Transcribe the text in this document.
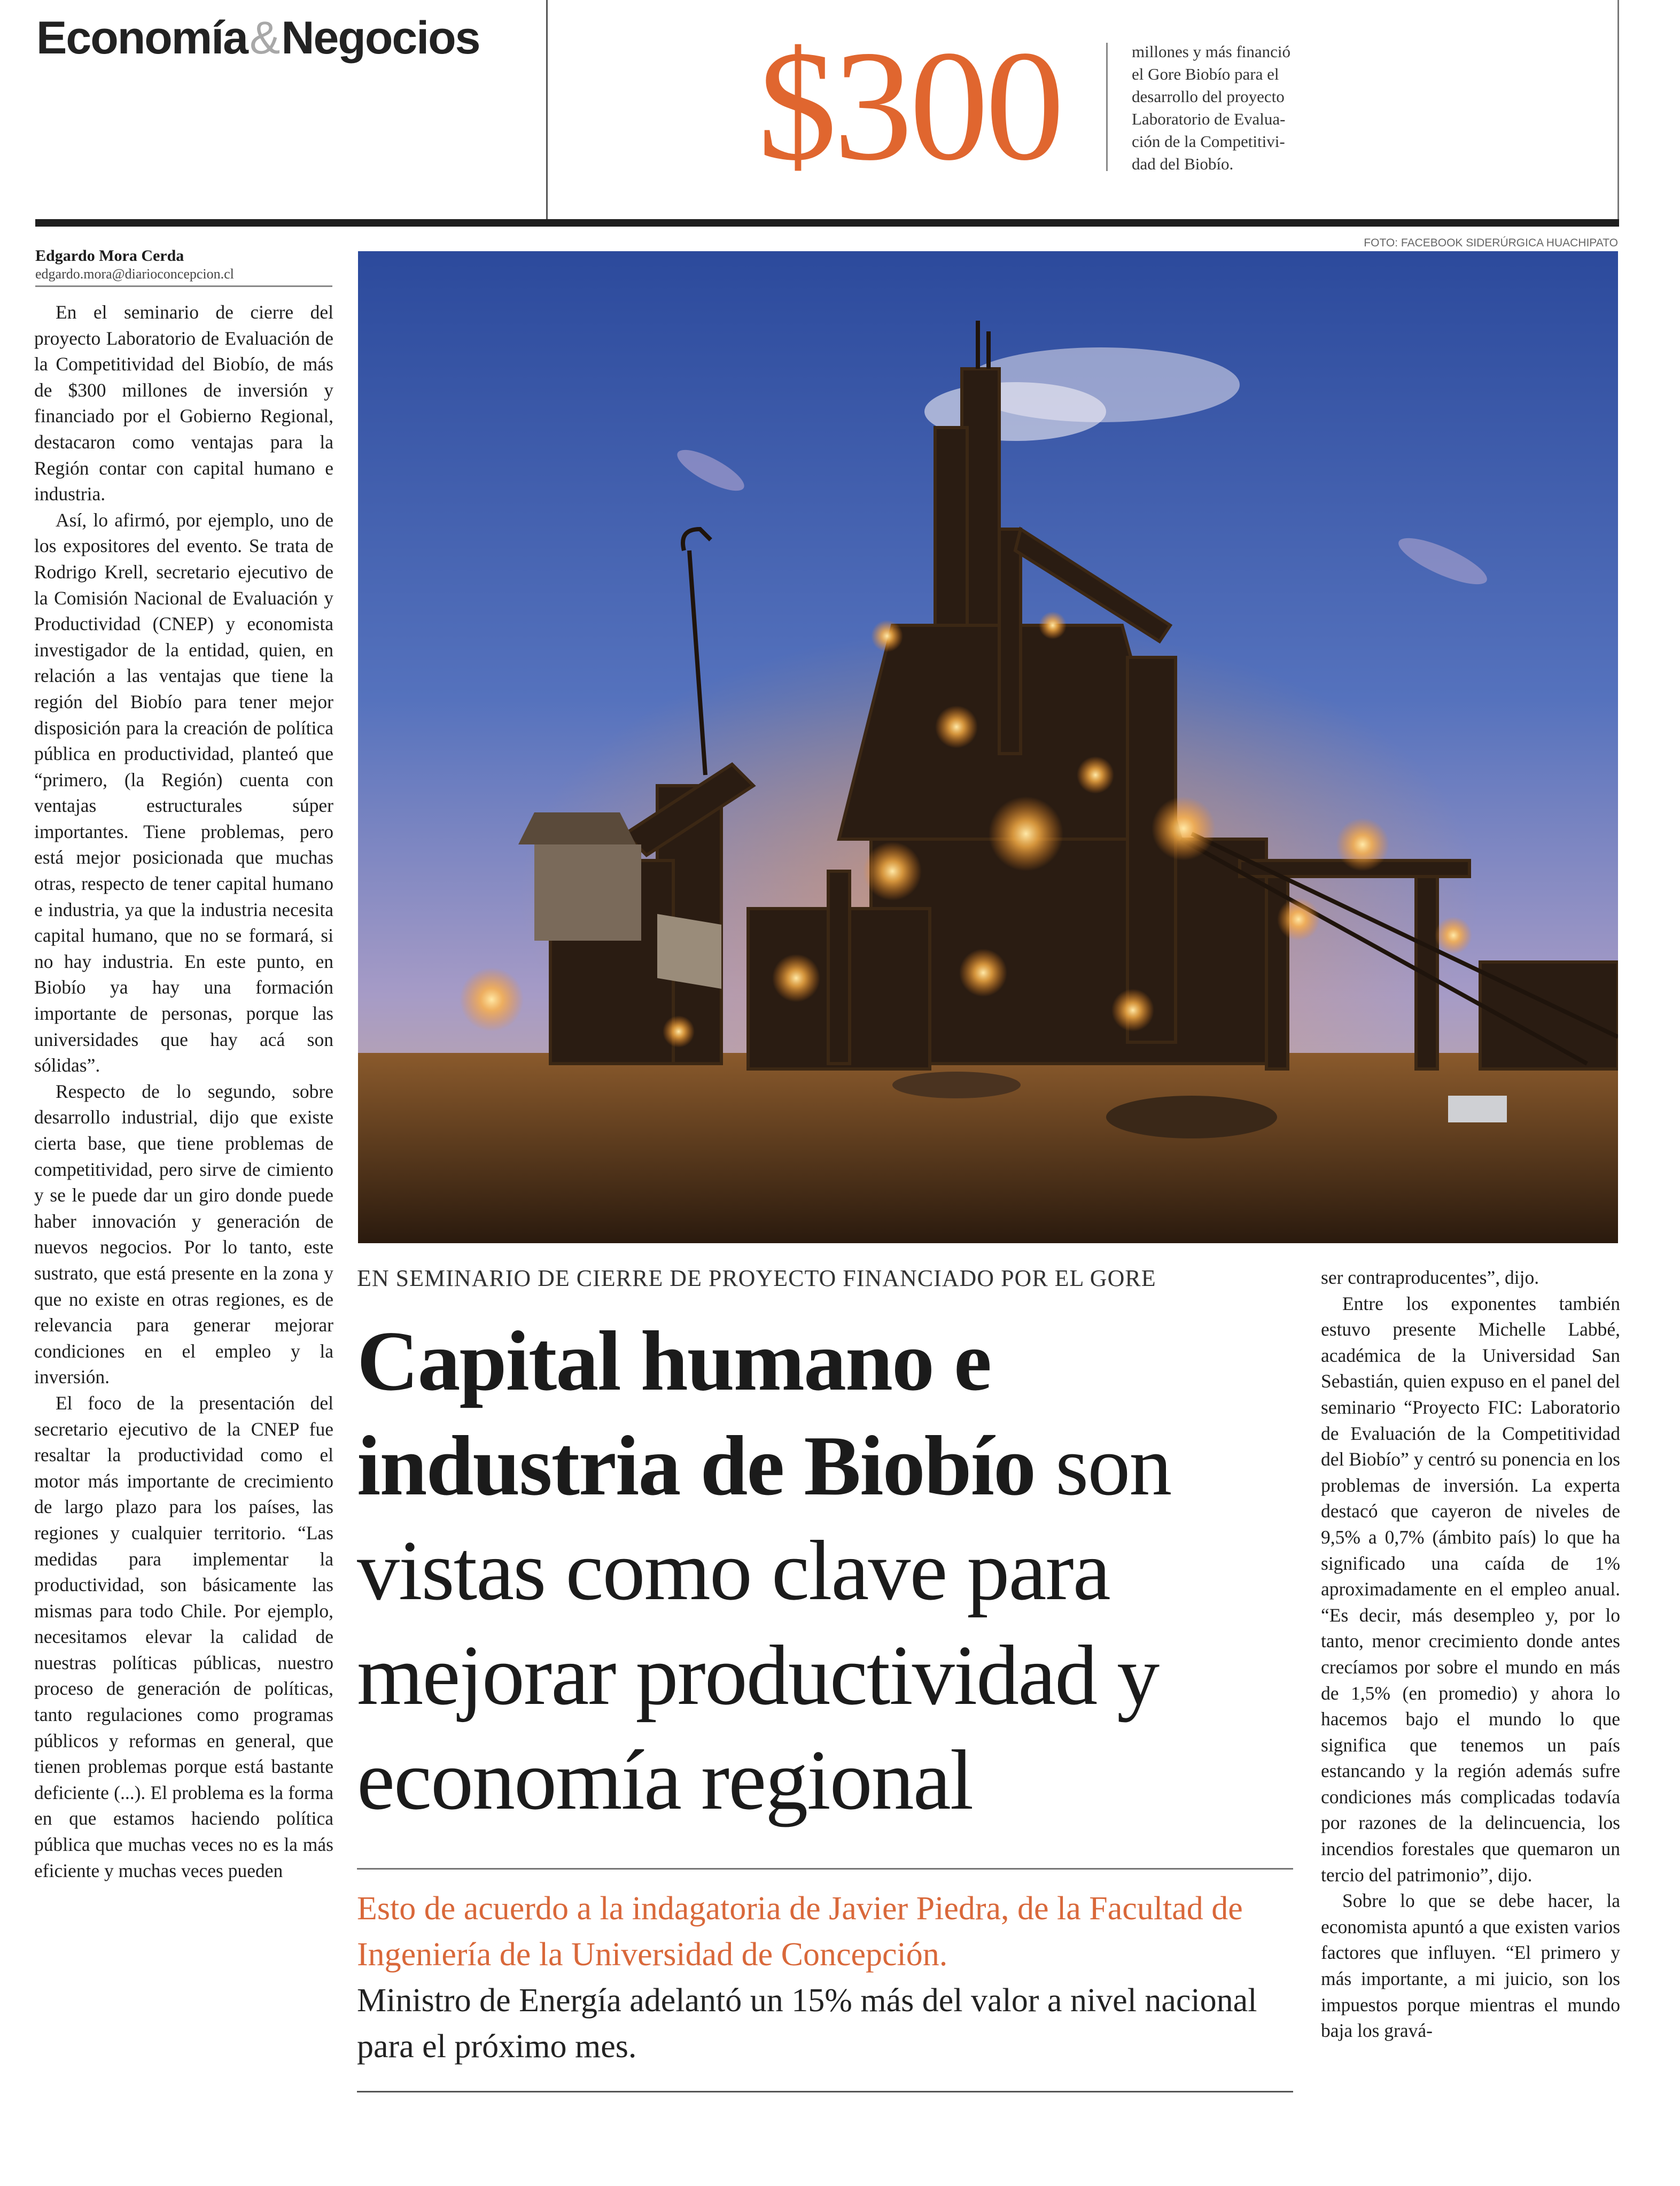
Economía&Negocios $300	millones y más financió
el Gore Biobío para el
desarrollo del proyecto
Laboratorio de Evalua-
ción de la Competitivi-
dad del Biobío.

Edgardo Mora Cerda
edgardo.mora@diarioconcepcion.cl

En el seminario de cierre del proyecto Laboratorio de Evaluación de la Competitividad del Biobío, de más de $300 millones de inversión y financiado por el Gobierno Regional, destacaron como ventajas para la Región contar con capital humano e industria.

Así, lo afirmó, por ejemplo, uno de los expositores del evento. Se trata de Rodrigo Krell, secretario ejecutivo de la Comisión Nacional de Evaluación y Productividad (CNEP) y economista investigador de la entidad, quien, en relación a las ventajas que tiene la región del Biobío para tener mejor disposición para la creación de política pública en productividad, planteó que “primero, (la Región) cuenta con ventajas estructurales súper importantes. Tiene problemas, pero está mejor posicionada que muchas otras, respecto de tener capital humano e industria, ya que la industria necesita capital humano, que no se formará, si no hay industria. En este punto, en Biobío ya hay una formación importante de personas, porque las universidades que hay acá son sólidas”.

Respecto de lo segundo, sobre desarrollo industrial, dijo que existe cierta base, que tiene problemas de competitividad, pero sirve de cimiento y se le puede dar un giro donde puede haber innovación y generación de nuevos negocios. Por lo tanto, este sustrato, que está presente en la zona y que no existe en otras regiones, es de relevancia para generar mejorar condiciones en el empleo y la inversión.

El foco de la presentación del secretario ejecutivo de la CNEP fue resaltar la productividad como el motor más importante de crecimiento de largo plazo para los países, las regiones y cualquier territorio. “Las medidas para implementar la productividad, son básicamente las mismas para todo Chile. Por ejemplo, necesitamos elevar la calidad de nuestras políticas públicas, nuestro proceso de generación de políticas, tanto regulaciones como programas públicos y reformas en general, que tienen problemas porque está bastante deficiente (...). El problema es la forma en que estamos haciendo política pública que muchas veces no es la más eficiente y muchas veces pueden

FOTO: FACEBOOK SIDERÚRGICA HUACHIPATO

EN SEMINARIO DE CIERRE DE PROYECTO FINANCIADO POR EL GORE

Capital humano e industria de Biobío son vistas como clave para mejorar productividad y economía regional

Esto de acuerdo a la indagatoria de Javier Piedra, de la Facultad de Ingeniería de la Universidad de Concepción.

Ministro de Energía adelantó un 15% más del valor a nivel nacional para el próximo mes.

ser contraproducentes”, dijo.

Entre los exponentes también estuvo presente Michelle Labbé, académica de la Universidad San Sebastián, quien expuso en el panel del seminario “Proyecto FIC: Laboratorio de Evaluación de la Competitividad del Biobío” y centró su ponencia en los problemas de inversión. La experta destacó que cayeron de niveles de 9,5% a 0,7% (ámbito país) lo que ha significado una caída de 1% aproximadamente en el empleo anual. “Es decir, más desempleo y, por lo tanto, menor crecimiento donde antes crecíamos por sobre el mundo en más de 1,5% (en promedio) y ahora lo hacemos bajo el mundo lo que significa que tenemos un país estancando y la región además sufre condiciones más complicadas todavía por razones de la delincuencia, los incendios forestales que quemaron un tercio del patrimonio”, dijo.

Sobre lo que se debe hacer, la economista apuntó a que existen varios factores que influyen. “El primero y más importante, a mi juicio, son los impuestos porque mientras el mundo baja los gravá-
